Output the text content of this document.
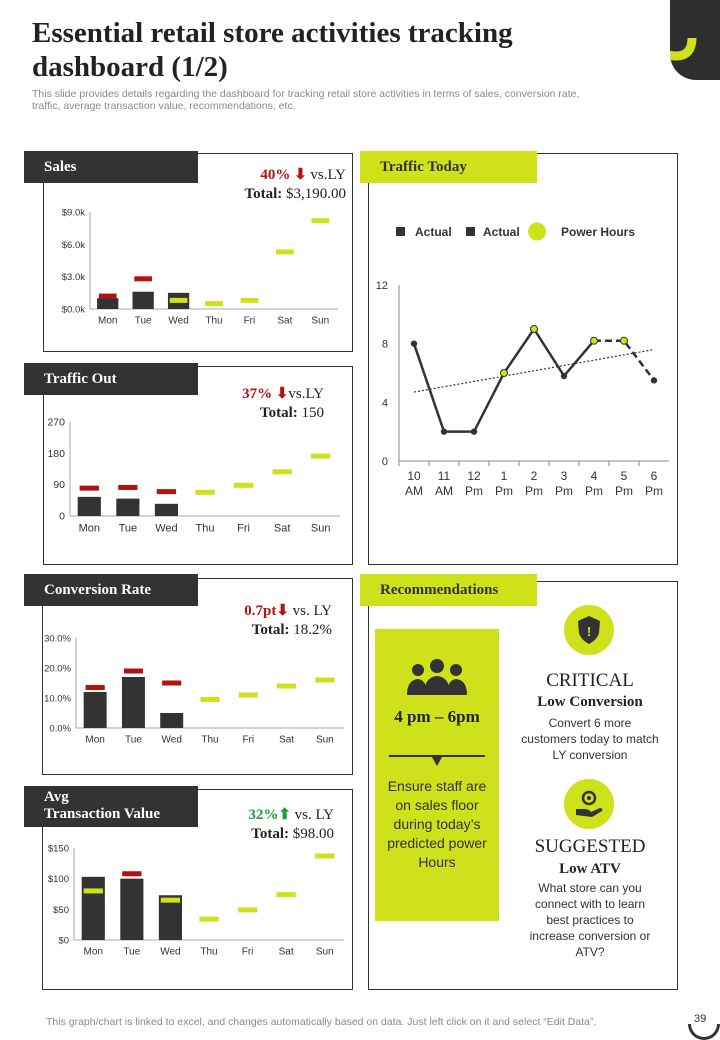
Essential retail store activities tracking dashboard (1/2)
This slide provides details regarding the dashboard for tracking retail store activities in terms of sales, conversion rate, traffic, average transaction value, recommendations, etc.
Sales	40% ⬇ vs.LY
Total: $3,190.00
$0.0k
$3.0k
$6.0k
$9.0k
Mon Tue Wed Thu Fri Sat Sun
Traffic Out
37% ⬇vs.LY
Total: 150
0
90
180
270
Mon Tue Wed Thu Fri Sat Sun
Conversion Rate
0.7pt⬇ vs. LY
Total: 18.2%
0.0%
10.0%
20.0%
30.0%
Mon Tue Wed Thu Fri Sat Sun
Avg
Transaction Value	32%⬆ vs. LY
Total: $98.00
$0
$50
$100
$150
Mon Tue Wed Thu Fri	Sat Sun
Traffic Today
Actual	Actual	Power Hours
0
4
8
12
10 AM
11 AM
12 Pm
1 Pm
2 Pm
3 Pm
4 Pm
5 Pm
6 Pm
Recommendations
4 pm – 6pm
Ensure staff are on sales floor during today’s predicted power Hours
!
CRITICAL
Low Conversion
Convert 6 more customers today to match LY conversion
SUGGESTED
Low ATV
What store can you connect with to learn best practices to increase conversion or ATV?
This graph/chart is linked to excel, and changes automatically based on data. Just left click on it and select “Edit Data”.	39
